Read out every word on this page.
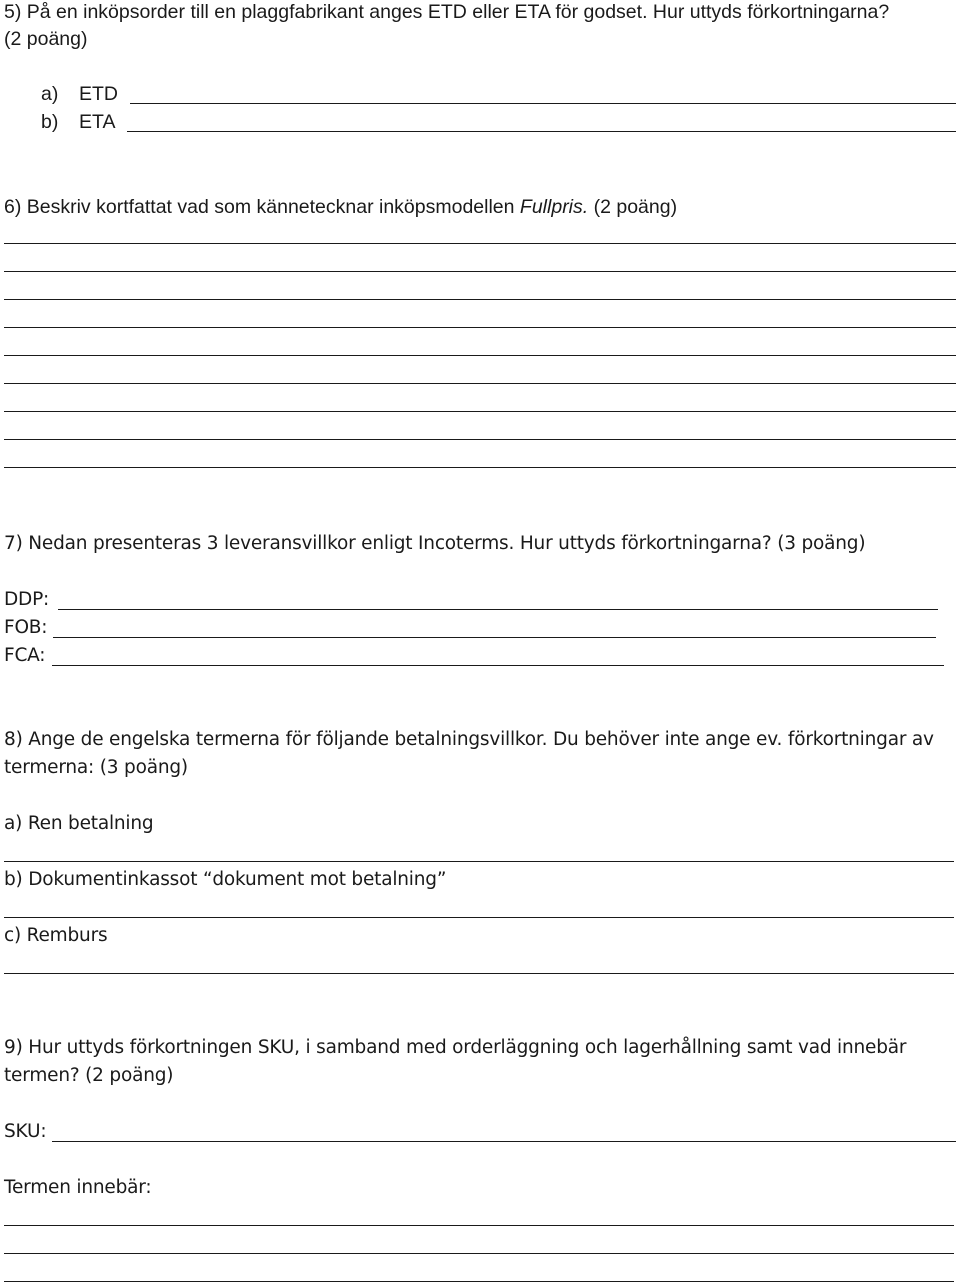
5) På en inköpsorder till en plaggfabrikant anges ETD eller ETA för godset. Hur uttyds förkortningarna?
(2 poäng)
a) ETD
b) ETA
6) Beskriv kortfattat vad som kännetecknar inköpsmodellen Fullpris. (2 poäng)
7) Nedan presenteras 3 leveransvillkor enligt Incoterms. Hur uttyds förkortningarna? (3 poäng)
DDP:
FOB:
FCA:
8) Ange de engelska termerna för följande betalningsvillkor. Du behöver inte ange ev. förkortningar av
termerna: (3 poäng)
a) Ren betalning
b) Dokumentinkassot “dokument mot betalning”
c) Remburs
9) Hur uttyds förkortningen SKU, i samband med orderläggning och lagerhållning samt vad innebär
termen? (2 poäng)
SKU:
Termen innebär:
